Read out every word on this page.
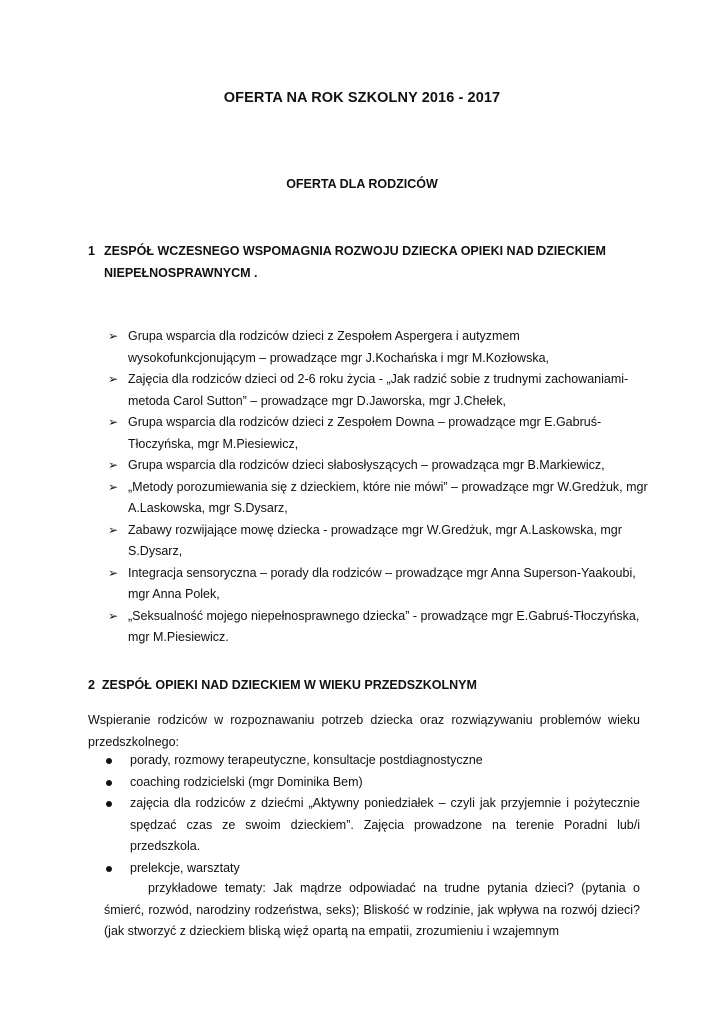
OFERTA NA ROK SZKOLNY 2016 - 2017
OFERTA DLA RODZICÓW
1 ZESPÓŁ WCZESNEGO WSPOMAGNIA ROZWOJU DZIECKA OPIEKI NAD DZIECKIEM
NIEPEŁNOSPRAWNYCM .
➢ Grupa wsparcia dla rodziców dzieci z Zespołem Aspergera i autyzmem wysokofunkcjonującym – prowadzące mgr J.Kochańska i mgr M.Kozłowska,
➢ Zajęcia dla rodziców dzieci od 2-6 roku życia - „Jak radzić sobie z trudnymi zachowaniami- metoda Carol Sutton” – prowadzące mgr D.Jaworska, mgr J.Chełek,
➢ Grupa wsparcia dla rodziców dzieci z Zespołem Downa – prowadzące mgr E.Gabruś-Tłoczyńska, mgr M.Piesiewicz,
➢ Grupa wsparcia dla rodziców dzieci słabosłyszących – prowadząca mgr B.Markiewicz,
➢ „Metody porozumiewania się z dzieckiem, które nie mówi” – prowadzące mgr W.Gredżuk, mgr A.Laskowska, mgr S.Dysarz,
➢ Zabawy rozwijające mowę dziecka - prowadzące mgr W.Gredżuk, mgr A.Laskowska, mgr S.Dysarz,
➢ Integracja sensoryczna – porady dla rodziców – prowadzące mgr Anna Superson-Yaakoubi, mgr Anna Polek,
➢ „Seksualność mojego niepełnosprawnego dziecka” - prowadzące mgr E.Gabruś-Tłoczyńska, mgr M.Piesiewicz.
2 ZESPÓŁ OPIEKI NAD DZIECKIEM W WIEKU PRZEDSZKOLNYM
Wspieranie rodziców w rozpoznawaniu potrzeb dziecka oraz rozwiązywaniu problemów wieku przedszkolnego:
porady, rozmowy terapeutyczne, konsultacje postdiagnostyczne
coaching rodzicielski (mgr Dominika Bem)
zajęcia dla rodziców z dziećmi „Aktywny poniedziałek – czyli jak przyjemnie i pożytecznie spędzać czas ze swoim dzieckiem”. Zajęcia prowadzone na terenie Poradni lub/i przedszkola.
prelekcje, warsztaty
przykładowe tematy: Jak mądrze odpowiadać na trudne pytania dzieci? (pytania o śmierć, rozwód, narodziny rodzeństwa, seks); Bliskość w rodzinie, jak wpływa na rozwój dzieci? (jak stworzyć z dzieckiem bliską więź opartą na empatii, zrozumieniu i wzajemnym
